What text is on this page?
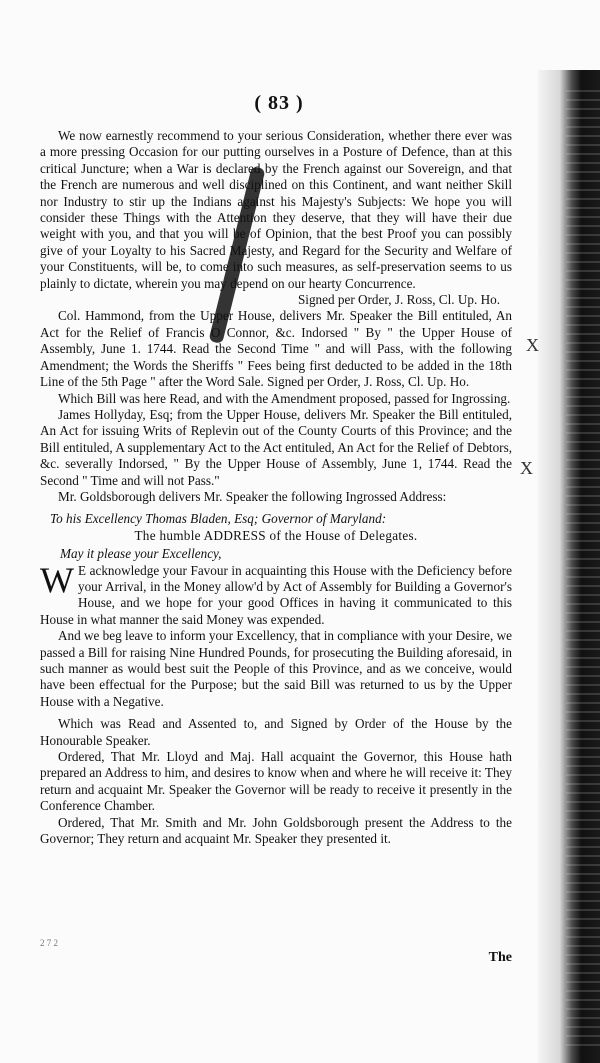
( 83 )

We now earnestly recommend to your serious Consideration, whether there ever was a more pressing Occasion for our putting ourselves in a Posture of Defence, than at this critical Juncture; when a War is declared by the French against our Sovereign, and that the French are numerous and well disciplined on this Continent, and want neither Skill nor Industry to stir up the Indians against his Majesty's Subjects: We hope you will consider these Things with the Attention they deserve, that they will have their due weight with you, and that you will be of Opinion, that the best Proof you can possibly give of your Loyalty to his Sacred Majesty, and Regard for the Security and Welfare of your Constituents, will be, to come into such measures, as self-preservation seems to us plainly to dictate, wherein you may depend on our hearty Concurrence.

Signed per Order, J. Ross, Cl. Up. Ho.

Col. Hammond, from the Upper House, delivers Mr. Speaker the Bill entituled, An Act for the Relief of Francis O Connor, &c. Indorsed " By " the Upper House of Assembly, June 1. 1744. Read the Second Time " and will Pass, with the following Amendment; the Words the Sheriffs " Fees being first deducted to be added in the 18th Line of the 5th Page " after the Word Sale. Signed per Order, J. Ross, Cl. Up. Ho.

Which Bill was here Read, and with the Amendment proposed, passed for Ingrossing.

James Hollyday, Esq; from the Upper House, delivers Mr. Speaker the Bill entituled, An Act for issuing Writs of Replevin out of the County Courts of this Province; and the Bill entituled, A supplementary Act to the Act entituled, An Act for the Relief of Debtors, &c. severally Indorsed, " By the Upper House of Assembly, June 1, 1744. Read the Second " Time and will not Pass."

Mr. Goldsborough delivers Mr. Speaker the following Ingrossed Address:

To his Excellency Thomas Bladen, Esq; Governor of Maryland:

The humble ADDRESS of the House of Delegates.

May it please your Excellency,

W E acknowledge your Favour in acquainting this House with the Deficiency before your Arrival, in the Money allow'd by Act of Assembly for Building a Governor's House, and we hope for your good Offices in having it communicated to this House in what manner the said Money was expended.

And we beg leave to inform your Excellency, that in compliance with your Desire, we passed a Bill for raising Nine Hundred Pounds, for prosecuting the Building aforesaid, in such manner as would best suit the People of this Province, and as we conceive, would have been effectual for the Purpose; but the said Bill was returned to us by the Upper House with a Negative.

Which was Read and Assented to, and Signed by Order of the House by the Honourable Speaker.

Ordered, That Mr. Lloyd and Maj. Hall acquaint the Governor, this House hath prepared an Address to him, and desires to know when and where he will receive it: They return and acquaint Mr. Speaker the Governor will be ready to receive it presently in the Conference Chamber.

Ordered, That Mr. Smith and Mr. John Goldsborough present the Address to the Governor; They return and acquaint Mr. Speaker they presented it.

2 7 2
The
X
X
